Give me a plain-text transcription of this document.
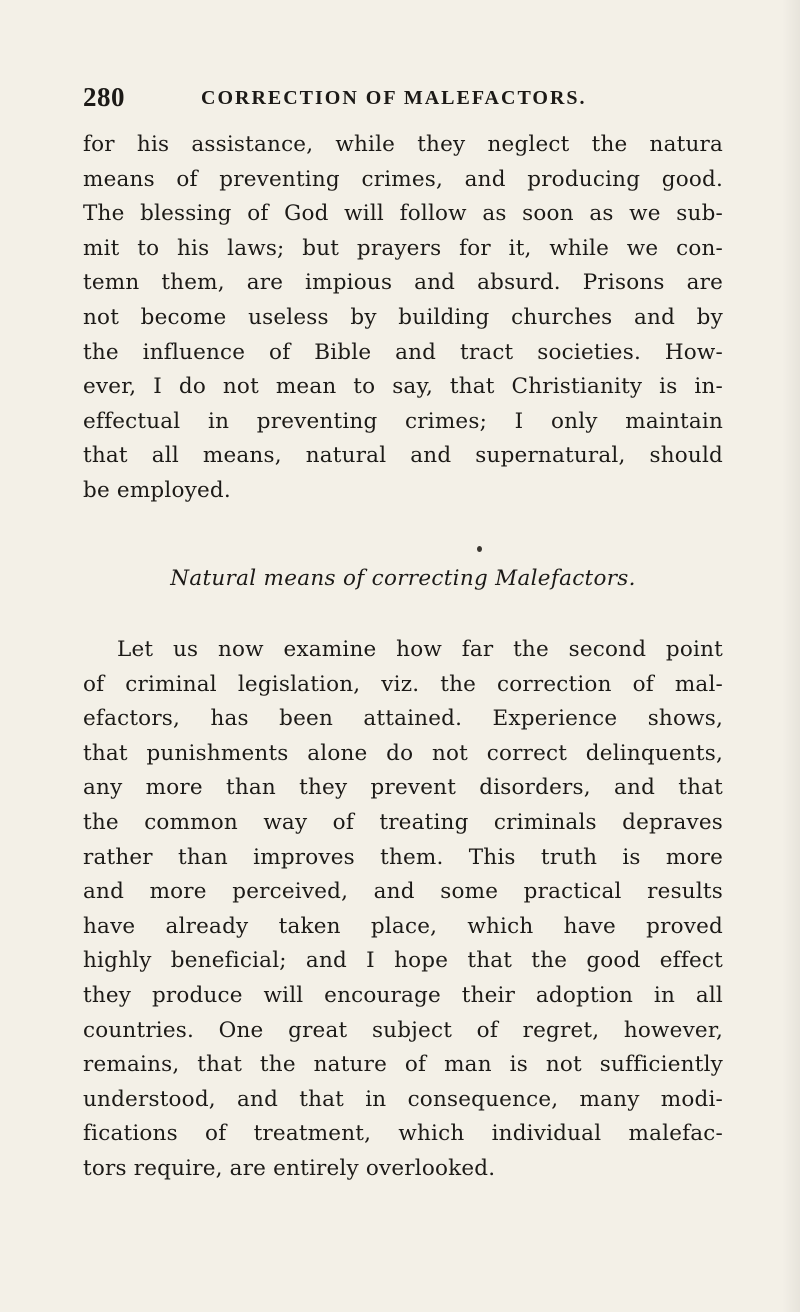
280	CORRECTION OF MALEFACTORS.
for his assistance, while they neglect the natura
means of preventing crimes, and producing good.
The blessing of God will follow as soon as we sub-
mit to his laws; but prayers for it, while we con-
temn them, are impious and absurd. Prisons are
not become useless by building churches and by
the influence of Bible and tract societies. How-
ever, I do not mean to say, that Christianity is in-
effectual in preventing crimes; I only maintain
that all means, natural and supernatural, should
be employed.
Natural means of correcting Malefactors.
Let us now examine how far the second point
of criminal legislation, viz. the correction of mal-
efactors, has been attained. Experience shows,
that punishments alone do not correct delinquents,
any more than they prevent disorders, and that
the common way of treating criminals depraves
rather than improves them. This truth is more
and more perceived, and some practical results
have already taken place, which have proved
highly beneficial; and I hope that the good effect
they produce will encourage their adoption in all
countries. One great subject of regret, however,
remains, that the nature of man is not sufficiently
understood, and that in consequence, many modi-
fications of treatment, which individual malefac-
tors require, are entirely overlooked.
